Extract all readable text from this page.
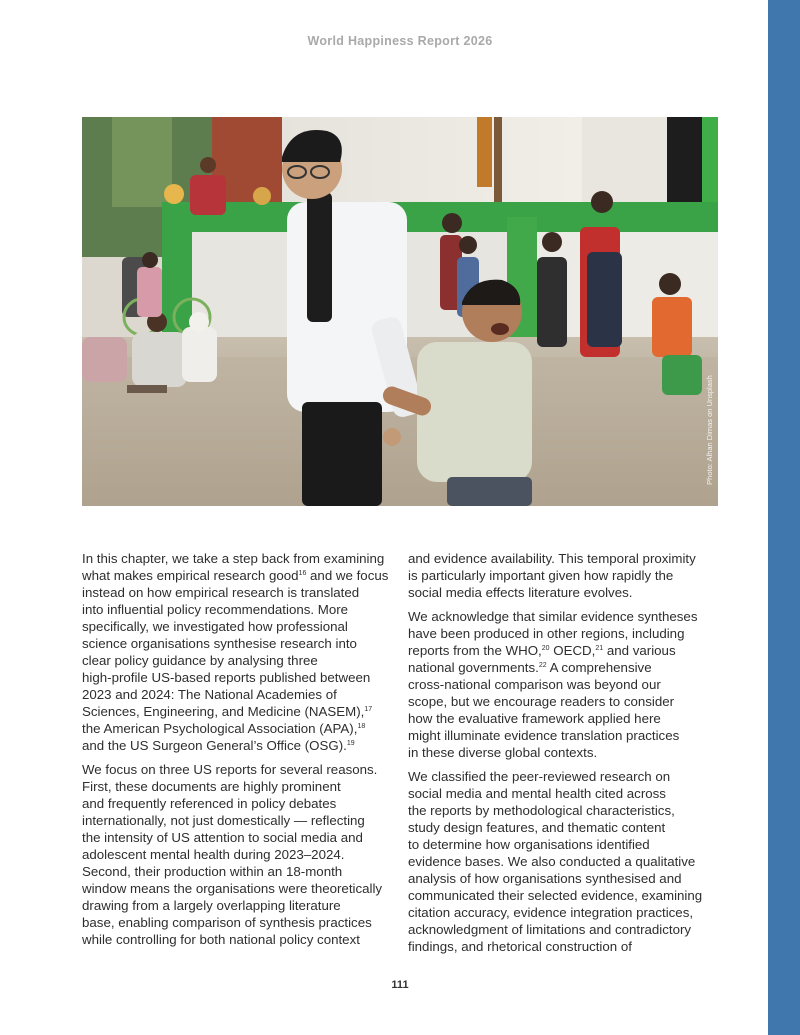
World Happiness Report 2026
Photo: Alhan Dimas on Unsplash
In this chapter, we take a step back from examining
what makes empirical research good$^{16}$ and we focus
instead on how empirical research is translated
into influential policy recommendations. More
specifically, we investigated how professional
science organisations synthesise research into
clear policy guidance by analysing three
high-profile US-based reports published between
2023 and 2024: The National Academies of
Sciences, Engineering, and Medicine (NASEM),$^{17}$
the American Psychological Association (APA),$^{18}$
and the US Surgeon General’s Office (OSG).$^{19}$
We focus on three US reports for several reasons.
First, these documents are highly prominent
and frequently referenced in policy debates
internationally, not just domestically — reflecting
the intensity of US attention to social media and
adolescent mental health during 2023–2024.
Second, their production within an 18-month
window means the organisations were theoretically
drawing from a largely overlapping literature
base, enabling comparison of synthesis practices
while controlling for both national policy context
and evidence availability. This temporal proximity
is particularly important given how rapidly the
social media effects literature evolves.
We acknowledge that similar evidence syntheses
have been produced in other regions, including
reports from the WHO,$^{20}$ OECD,$^{21}$ and various
national governments.$^{22}$ A comprehensive
cross-national comparison was beyond our
scope, but we encourage readers to consider
how the evaluative framework applied here
might illuminate evidence translation practices
in these diverse global contexts.
We classified the peer-reviewed research on
social media and mental health cited across
the reports by methodological characteristics,
study design features, and thematic content
to determine how organisations identified
evidence bases. We also conducted a qualitative
analysis of how organisations synthesised and
communicated their selected evidence, examining
citation accuracy, evidence integration practices,
acknowledgment of limitations and contradictory
findings, and rhetorical construction of
111
